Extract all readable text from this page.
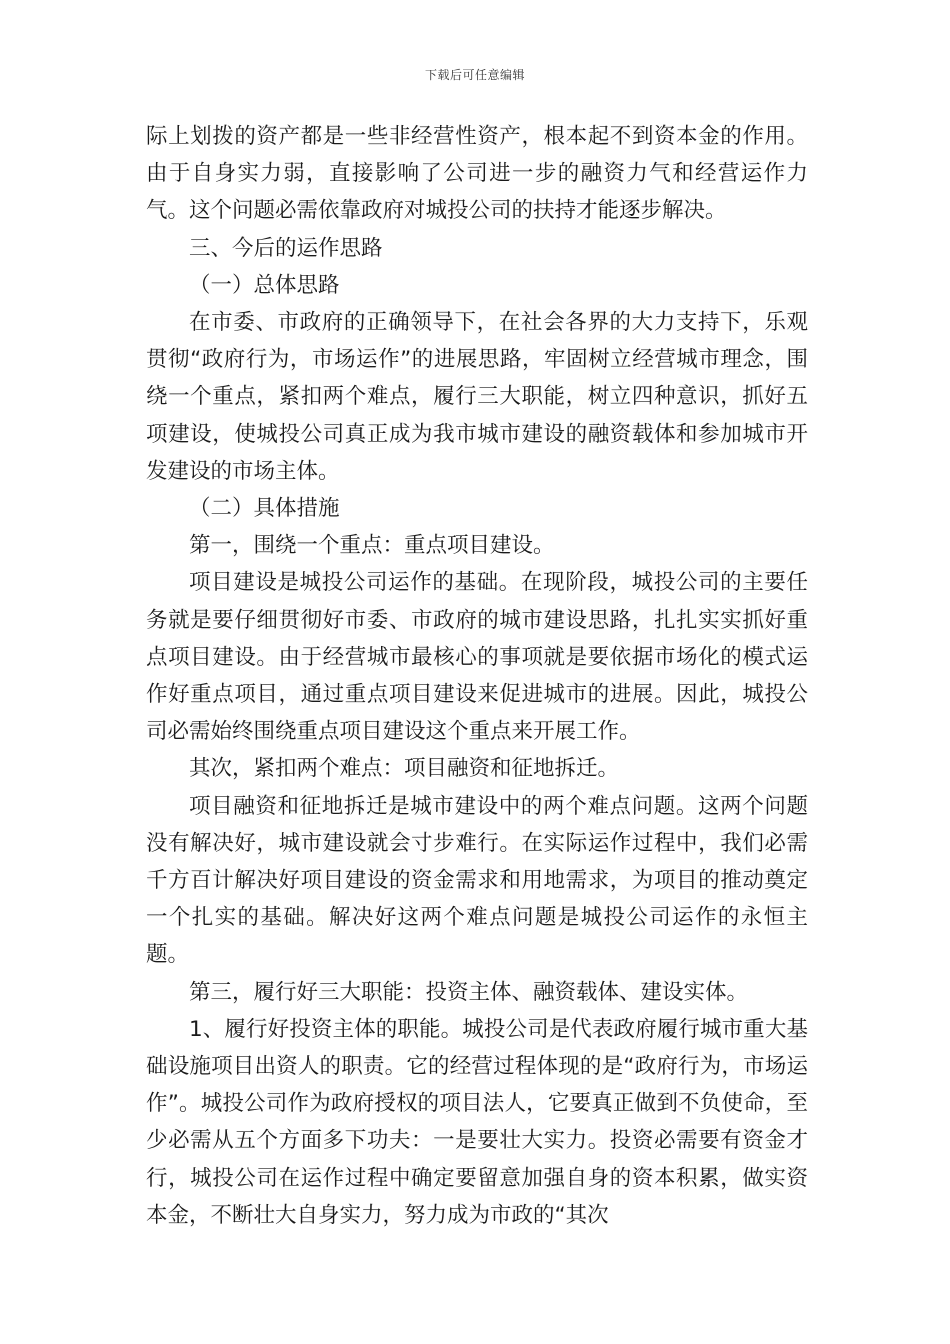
下载后可任意编辑

际上划拨的资产都是一些非经营性资产，根本起不到资本金的作用。由于自身实力弱，直接影响了公司进一步的融资力气和经营运作力气。这个问题必需依靠政府对城投公司的扶持才能逐步解决。

三、今后的运作思路

（一）总体思路

在市委、市政府的正确领导下，在社会各界的大力支持下，乐观贯彻“政府行为，市场运作”的进展思路，牢固树立经营城市理念，围绕一个重点，紧扣两个难点，履行三大职能，树立四种意识，抓好五项建设，使城投公司真正成为我市城市建设的融资载体和参加城市开发建设的市场主体。

（二）具体措施

第一，围绕一个重点：重点项目建设。

项目建设是城投公司运作的基础。在现阶段，城投公司的主要任务就是要仔细贯彻好市委、市政府的城市建设思路，扎扎实实抓好重点项目建设。由于经营城市最核心的事项就是要依据市场化的模式运作好重点项目，通过重点项目建设来促进城市的进展。因此，城投公司必需始终围绕重点项目建设这个重点来开展工作。

其次，紧扣两个难点：项目融资和征地拆迁。

项目融资和征地拆迁是城市建设中的两个难点问题。这两个问题没有解决好，城市建设就会寸步难行。在实际运作过程中，我们必需千方百计解决好项目建设的资金需求和用地需求，为项目的推动奠定一个扎实的基础。解决好这两个难点问题是城投公司运作的永恒主题。

第三，履行好三大职能：投资主体、融资载体、建设实体。

1、履行好投资主体的职能。城投公司是代表政府履行城市重大基础设施项目出资人的职责。它的经营过程体现的是“政府行为，市场运作”。城投公司作为政府授权的项目法人，它要真正做到不负使命，至少必需从五个方面多下功夫：一是要壮大实力。投资必需要有资金才行，城投公司在运作过程中确定要留意加强自身的资本积累，做实资本金，不断壮大自身实力，努力成为市政的“其次
